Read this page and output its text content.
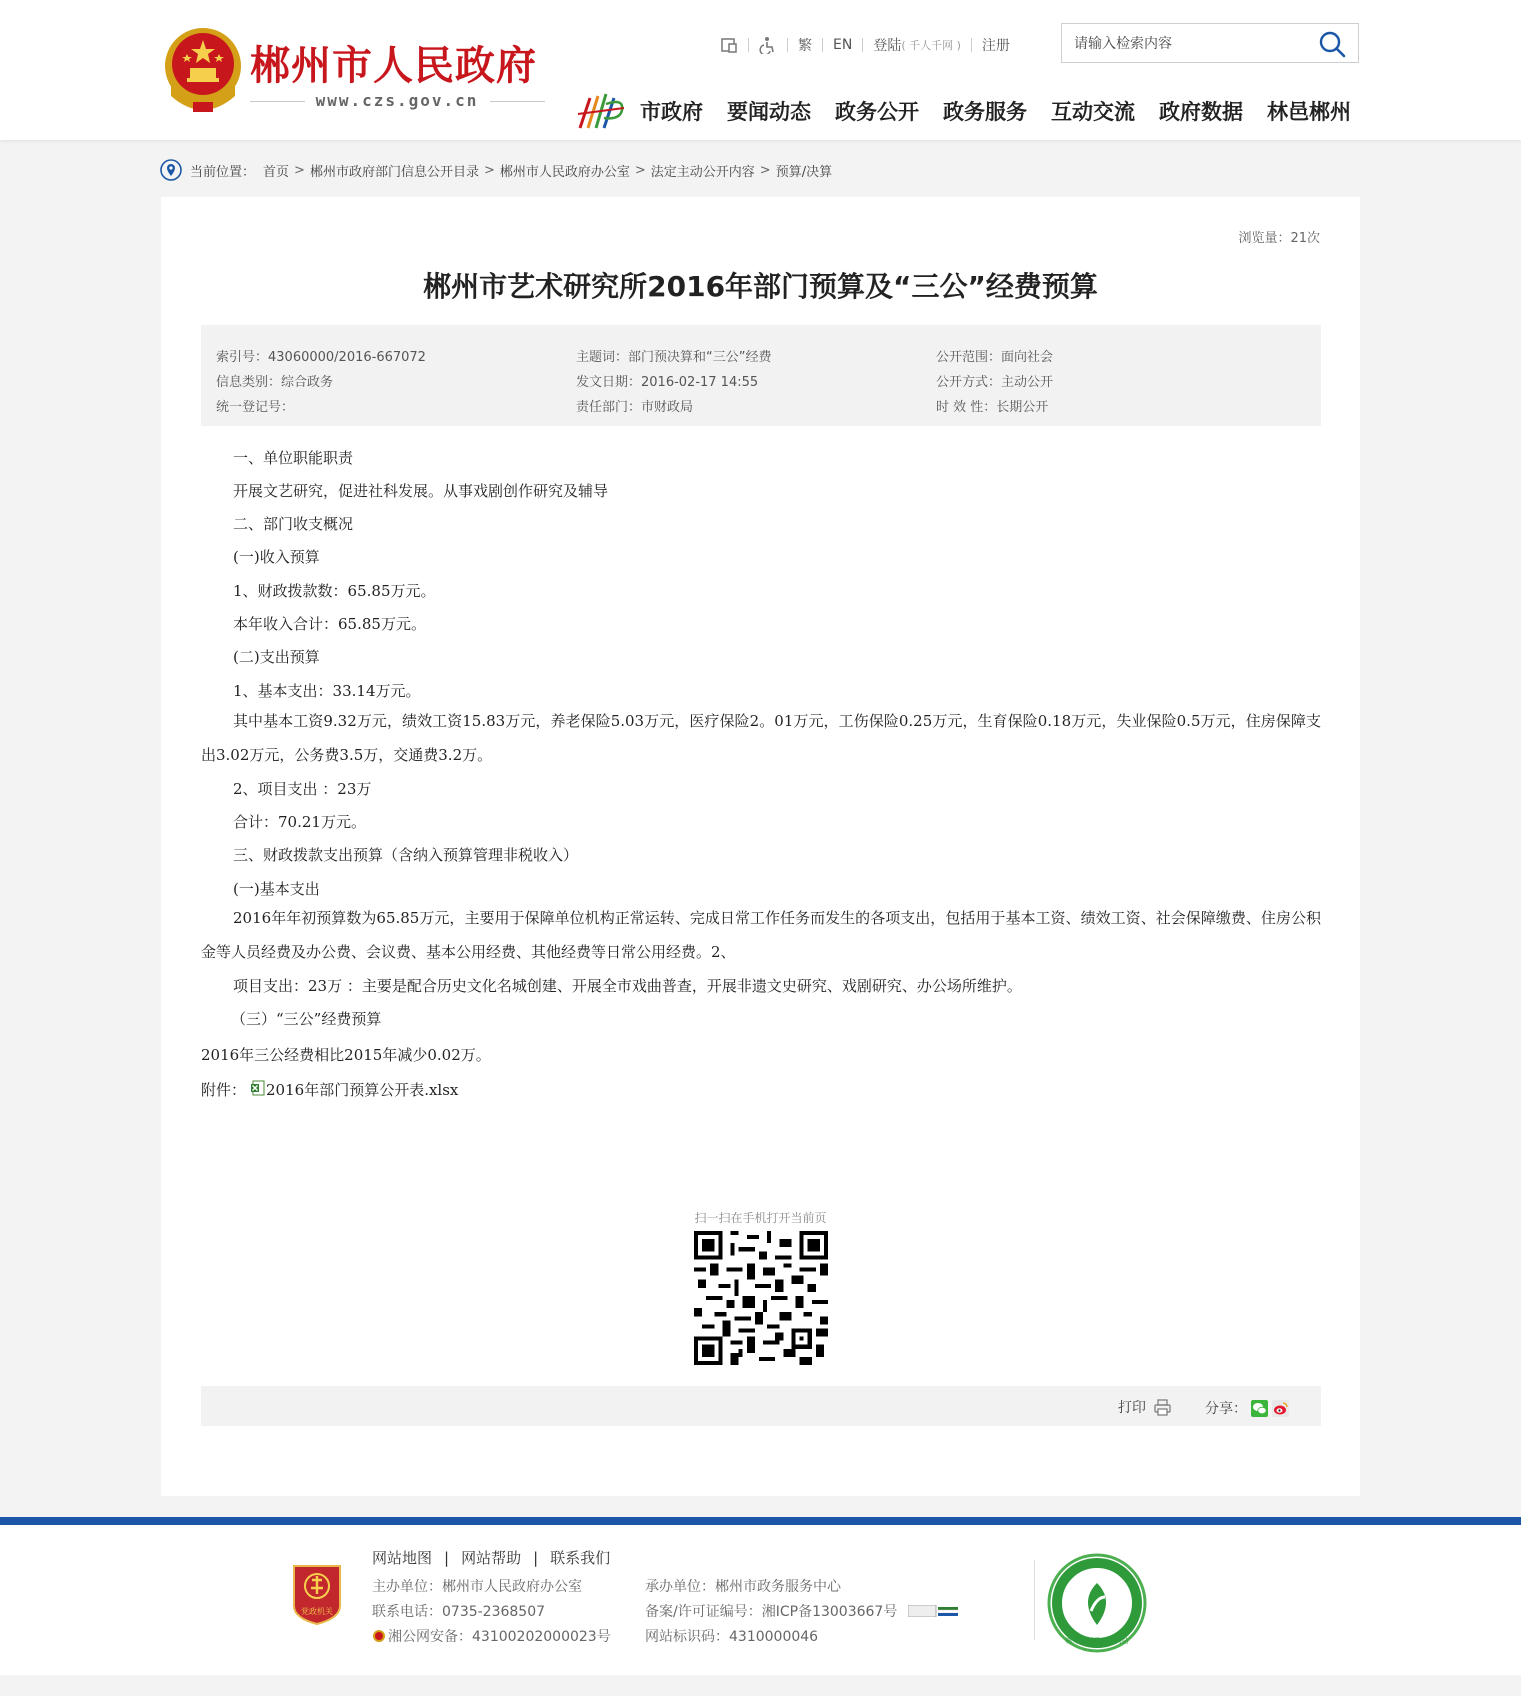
郴州市人民政府
www.czs.gov.cn
繁 EN 登陆 ( 千人千网 ) 注册
请输入检索内容
市政府 要闻动态 政务公开 政务服务 互动交流 政府数据 林邑郴州
当前位置： 首页 > 郴州市政府部门信息公开目录 > 郴州市人民政府办公室 > 法定主动公开内容 > 预算/决算
浏览量：21次
郴州市艺术研究所2016年部门预算及“三公”经费预算
索引号：43060000/2016-667072
信息类别：综合政务
统一登记号：
主题词：部门预决算和“三公”经费
发文日期：2016-02-17 14:55
责任部门：市财政局
公开范围：面向社会
公开方式：主动公开
时 效 性：长期公开

一、单位职能职责

开展文艺研究，促进社科发展。从事戏剧创作研究及辅导

二、部门收支概况

(一)收入预算

1、财政拨款数：65.85万元。

本年收入合计：65.85万元。

(二)支出预算

1、基本支出：33.14万元。

其中基本工资9.32万元，绩效工资15.83万元，养老保险5.03万元，医疗保险2。01万元，工伤保险0.25万元，生育保险0.18万元，失业保险0.5万元，住房保障支出3.02万元，公务费3.5万，交通费3.2万。

2、项目支出 ：23万

合计：70.21万元。

三、财政拨款支出预算（含纳入预算管理非税收入）

(一)基本支出

2016年年初预算数为65.85万元，主要用于保障单位机构正常运转、完成日常工作任务而发生的各项支出，包括用于基本工资、绩效工资、社会保障缴费、住房公积金等人员经费及办公费、会议费、基本公用经费、其他经费等日常公用经费。2、

项目支出：23万 ：主要是配合历史文化名城创建、开展全市戏曲普查，开展非遗文史研究、戏剧研究、办公场所维护。

（三）“三公”经费预算

2016年三公经费相比2015年减少0.02万。

附件： 2016年部门预算公开表.xlsx

扫一扫在手机打开当前页
打印	分享：
党政机关
网站地图 | 网站帮助 | 联系我们
主办单位：郴州市人民政府办公室
联系电话：0735-2368507
湘公网安备：43100202000023号
承办单位：郴州市政务服务中心
备案/许可证编号：湘ICP备13003667号
网站标识码：4310000046	郴州市创建文明网站
